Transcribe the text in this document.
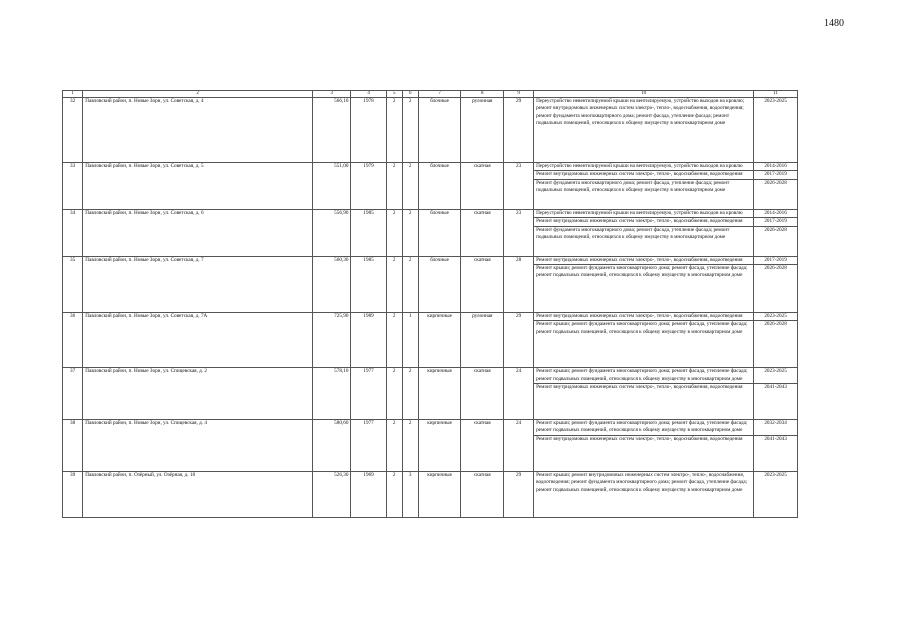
1480
1	2	3	4	5	6	7	8	9	10	11
32	Павловский район, п. Новые Зори, ул. Советская, д. 4	566,10	1978	2	2	блочные	рулонная	29	Переустройство невентилируемой крыши на вентилируемую, устройство выходов на кровлю; ремонт внутридомовых инженерных систем электро-, тепло-, водоснабжения, водоотведения; ремонт фундамента многоквартирного дома; ремонт фасада, утепление фасада; ремонт подвальных помещений, относящихся к общему имуществу в многоквартирном доме	2023-2025
33	Павловский район, п. Новые Зори, ул. Советская, д. 5	551,00	1979	2	2	блочные	скатная	23	Переустройство невентилируемой крыши на вентилируемую, устройство выходов на кровлю	2014-2016
									Ремонт внутридомовых инженерных систем электро-, тепло-, водоснабжения, водоотведения	2017-2019
									Ремонт фундамента многоквартирного дома; ремонт фасада, утепление фасада; ремонт подвальных помещений, относящихся к общему имуществу в многоквартирном доме	2026-2028
34	Павловский район, п. Новые Зори, ул. Советская, д. 6	556,90	1985	2	2	блочные	скатная	23	Переустройство невентилируемой крыши на вентилируемую, устройство выходов на кровлю	2014-2016
									Ремонт внутридомовых инженерных систем электро-, тепло-, водоснабжения, водоотведения	2017-2019
									Ремонт фундамента многоквартирного дома; ремонт фасада, утепление фасада; ремонт подвальных помещений, относящихся к общему имуществу в многоквартирном доме	2026-2028
35	Павловский район, п. Новые Зори, ул. Советская, д. 7	560,30	1985	2	2	блочные	скатная	28	Ремонт внутридомовых инженерных систем электро-, тепло-, водоснабжения, водоотведения	2017-2019
									Ремонт крыши; ремонт фундамента многоквартирного дома; ремонт фасада, утепление фасада; ремонт подвальных помещений, относящихся к общему имуществу в многоквартирном доме	2026-2028
36	Павловский район, п. Новые Зори, ул. Советская, д. 7А	725,90	1989	2	1	кирпичные	рулонная	29	Ремонт внутридомовых инженерных систем электро-, тепло-, водоснабжения, водоотведения	2023-2025
									Ремонт крыши; ремонт фундамента многоквартирного дома; ремонт фасада, утепление фасада; ремонт подвальных помещений, относящихся к общему имуществу в многоквартирном доме	2026-2028
37	Павловский район, п. Новые Зори, ул. Спицевская, д. 2	578,10	1977	2	2	кирпичные	скатная	24	Ремонт крыши; ремонт фундамента многоквартирного дома; ремонт фасада, утепление фасада; ремонт подвальных помещений, относящихся к общему имуществу в многоквартирном доме	2023-2025
									Ремонт внутридомовых инженерных систем электро-, тепло-, водоснабжения, водоотведения	2041-2043
38	Павловский район, п. Новые Зори, ул. Спицевская, д. 4	580,60	1977	2	2	кирпичные	скатная	24	Ремонт крыши; ремонт фундамента многоквартирного дома; ремонт фасада, утепление фасада; ремонт подвальных помещений, относящихся к общему имуществу в многоквартирном доме	2032-2034
									Ремонт внутридомовых инженерных систем электро-, тепло-, водоснабжения, водоотведения	2041-2043
39	Павловский район, п. Озёрный, ул. Озёрная, д. 18	526,30	1969	2	3	кирпичные	скатная	29	Ремонт крыши; ремонт внутридомовых инженерных систем электро-, тепло-, водоснабжения, водоотведения; ремонт фундамента многоквартирного дома; ремонт фасада, утепление фасада; ремонт подвальных помещений, относящихся к общему имуществу в многоквартирном доме	2023-2025
